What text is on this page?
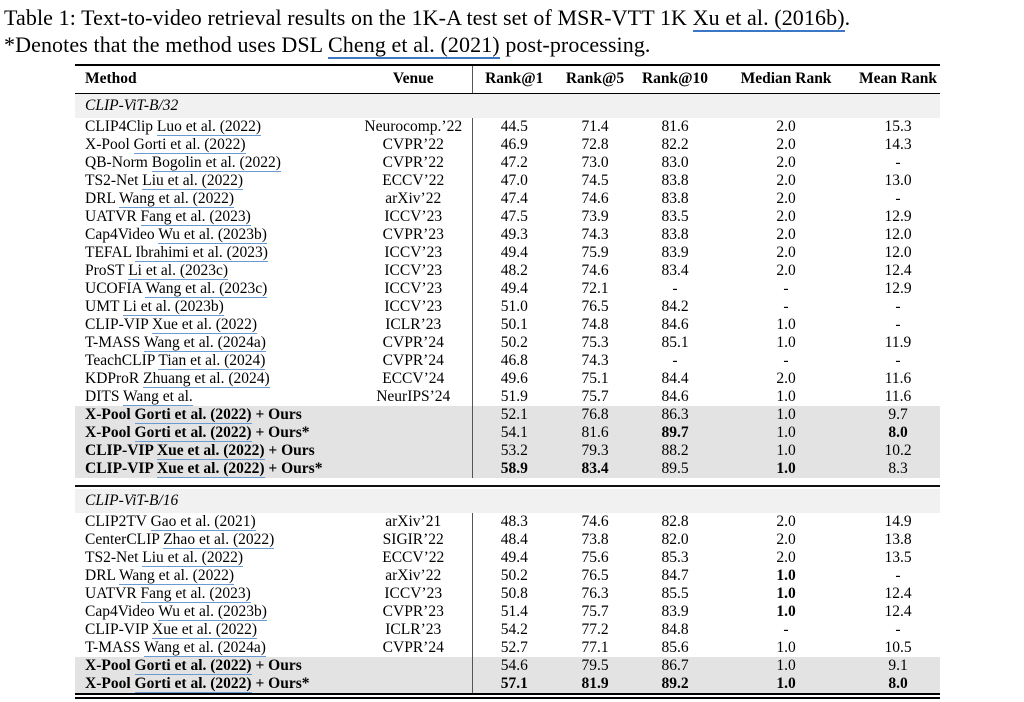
Table 1: Text-to-video retrieval results on the 1K-A test set of MSR-VTT 1K Xu et al. (2016b).
*Denotes that the method uses DSL Cheng et al. (2021) post-processing.
Method	Venue	Rank@1	Rank@5	Rank@10	Median Rank	Mean Rank
CLIP-ViT-B/32						
CLIP4Clip Luo et al. (2022)	Neurocomp.’22	44.5	71.4	81.6	2.0	15.3
X-Pool Gorti et al. (2022)	CVPR’22	46.9	72.8	82.2	2.0	14.3
QB-Norm Bogolin et al. (2022)	CVPR’22	47.2	73.0	83.0	2.0	-
TS2-Net Liu et al. (2022)	ECCV’22	47.0	74.5	83.8	2.0	13.0
DRL Wang et al. (2022)	arXiv’22	47.4	74.6	83.8	2.0	-
UATVR Fang et al. (2023)	ICCV’23	47.5	73.9	83.5	2.0	12.9
Cap4Video Wu et al. (2023b)	CVPR’23	49.3	74.3	83.8	2.0	12.0
TEFAL Ibrahimi et al. (2023)	ICCV’23	49.4	75.9	83.9	2.0	12.0
ProST Li et al. (2023c)	ICCV’23	48.2	74.6	83.4	2.0	12.4
UCOFIA Wang et al. (2023c)	ICCV’23	49.4	72.1	-	-	12.9
UMT Li et al. (2023b)	ICCV’23	51.0	76.5	84.2	-	-
CLIP-VIP Xue et al. (2022)	ICLR’23	50.1	74.8	84.6	1.0	-
T-MASS Wang et al. (2024a)	CVPR’24	50.2	75.3	85.1	1.0	11.9
TeachCLIP Tian et al. (2024)	CVPR’24	46.8	74.3	-	-	-
KDProR Zhuang et al. (2024)	ECCV’24	49.6	75.1	84.4	2.0	11.6
DITS Wang et al.	NeurIPS’24	51.9	75.7	84.6	1.0	11.6
X-Pool Gorti et al. (2022) + Ours		52.1	76.8	86.3	1.0	9.7
X-Pool Gorti et al. (2022) + Ours*		54.1	81.6	89.7	1.0	8.0
CLIP-VIP Xue et al. (2022) + Ours		53.2	79.3	88.2	1.0	10.2
CLIP-VIP Xue et al. (2022) + Ours*		58.9	83.4	89.5	1.0	8.3

CLIP-ViT-B/16						
CLIP2TV Gao et al. (2021)	arXiv’21	48.3	74.6	82.8	2.0	14.9
CenterCLIP Zhao et al. (2022)	SIGIR’22	48.4	73.8	82.0	2.0	13.8
TS2-Net Liu et al. (2022)	ECCV’22	49.4	75.6	85.3	2.0	13.5
DRL Wang et al. (2022)	arXiv’22	50.2	76.5	84.7	1.0	-
UATVR Fang et al. (2023)	ICCV’23	50.8	76.3	85.5	1.0	12.4
Cap4Video Wu et al. (2023b)	CVPR’23	51.4	75.7	83.9	1.0	12.4
CLIP-VIP Xue et al. (2022)	ICLR’23	54.2	77.2	84.8	-	-
T-MASS Wang et al. (2024a)	CVPR’24	52.7	77.1	85.6	1.0	10.5
X-Pool Gorti et al. (2022) + Ours		54.6	79.5	86.7	1.0	9.1
X-Pool Gorti et al. (2022) + Ours*		57.1	81.9	89.2	1.0	8.0
